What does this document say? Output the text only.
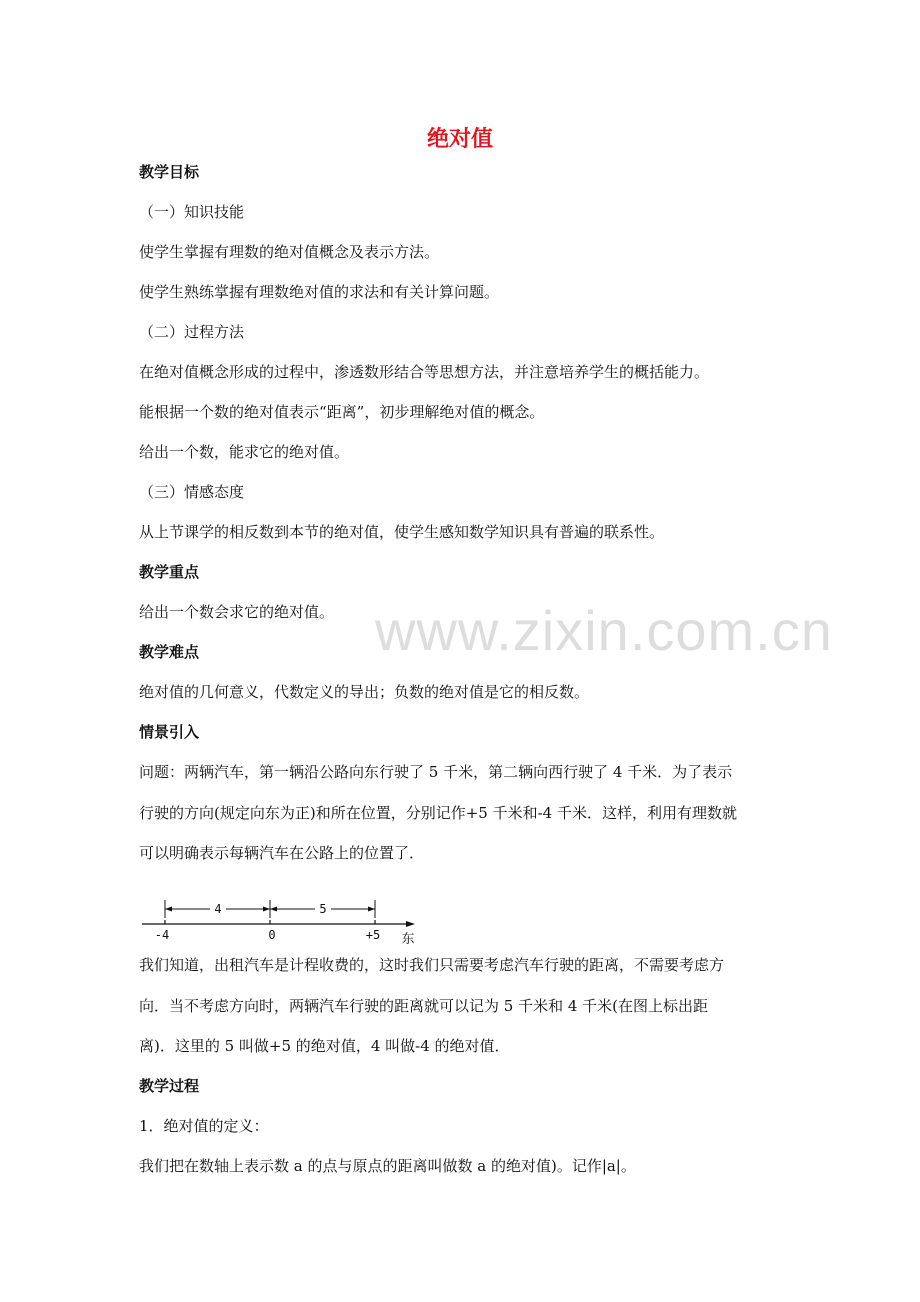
绝对值
教学目标
（一）知识技能
使学生掌握有理数的绝对值概念及表示方法。
使学生熟练掌握有理数绝对值的求法和有关计算问题。
（二）过程方法
在绝对值概念形成的过程中，渗透数形结合等思想方法，并注意培养学生的概括能力。
能根据一个数的绝对值表示“距离”，初步理解绝对值的概念。
给出一个数，能求它的绝对值。
（三）情感态度
从上节课学的相反数到本节的绝对值，使学生感知数学知识具有普遍的联系性。
教学重点
给出一个数会求它的绝对值。
教学难点
绝对值的几何意义，代数定义的导出；负数的绝对值是它的相反数。
情景引入
问题：两辆汽车，第一辆沿公路向东行驶了 5 千米，第二辆向西行驶了 4 千米．为了表示
行驶的方向(规定向东为正)和所在位置，分别记作+5 千米和-4 千米．这样，利用有理数就
可以明确表示每辆汽车在公路上的位置了．
我们知道，出租汽车是计程收费的，这时我们只需要考虑汽车行驶的距离，不需要考虑方
向．当不考虑方向时，两辆汽车行驶的距离就可以记为 5 千米和 4 千米(在图上标出距
离)．这里的 5 叫做+5 的绝对值，4 叫做-4 的绝对值．
教学过程
1．绝对值的定义：
我们把在数轴上表示数 a 的点与原点的距离叫做数 a 的绝对值)。记作|a|。
www.zixin.com.cn
4	5
-4	0	+5 东
